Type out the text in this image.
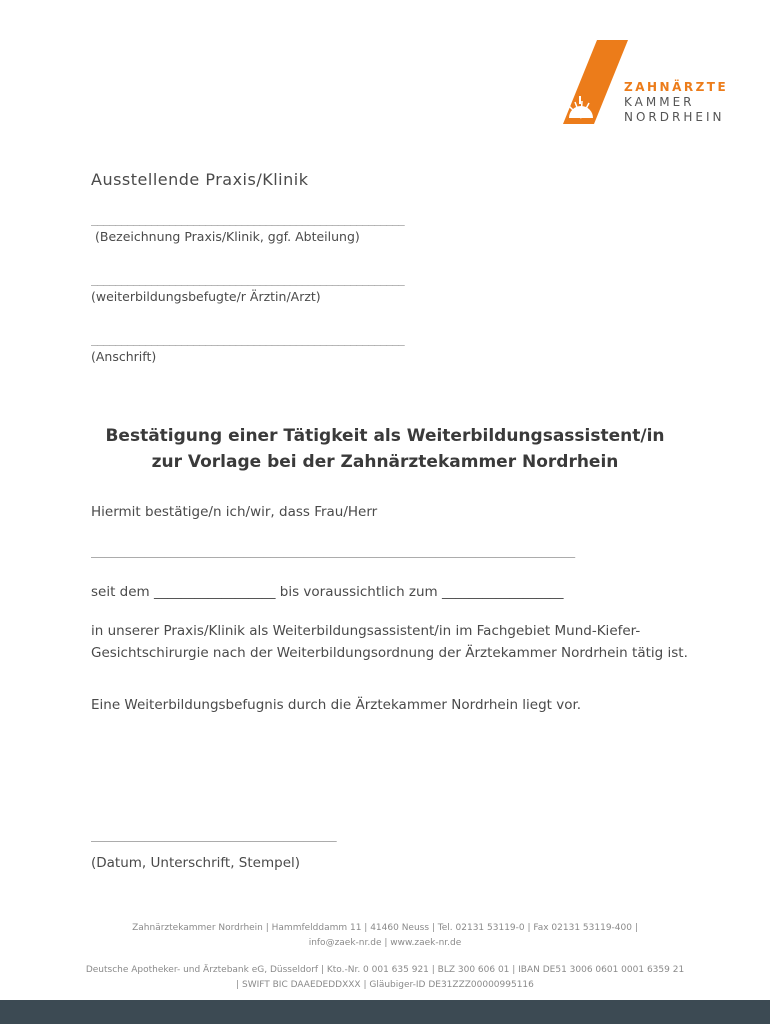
ZAHNÄRZTE
KAMMER
NORDRHEIN
Ausstellende Praxis/Klinik
____________________________________________________
(Bezeichnung Praxis/Klinik, ggf. Abteilung)
____________________________________________________
(weiterbildungsbefugte/r Ärztin/Arzt)
____________________________________________________
(Anschrift)
Bestätigung einer Tätigkeit als Weiterbildungsassistent/in
zur Vorlage bei der Zahnärztekammer Nordrhein
Hiermit bestätige/n ich/wir, dass Frau/Herr
_________________________________________________________________________
seit dem __________________ bis voraussichtlich zum __________________
in unserer Praxis/Klinik als Weiterbildungsassistent/in im Fachgebiet Mund-Kiefer-Gesichtschirurgie nach der Weiterbildungsordnung der Ärztekammer Nordrhein tätig ist.
Eine Weiterbildungsbefugnis durch die Ärztekammer Nordrhein liegt vor.
_____________________________________
(Datum, Unterschrift, Stempel)
Zahnärztekammer Nordrhein | Hammfelddamm 11 | 41460 Neuss | Tel. 02131 53119-0 | Fax 02131 53119-400 |
info@zaek-nr.de | www.zaek-nr.de
Deutsche Apotheker- und Ärztebank eG, Düsseldorf | Kto.-Nr. 0 001 635 921 | BLZ 300 606 01 | IBAN DE51 3006 0601 0001 6359 21
| SWIFT BIC DAAEDEDDXXX | Gläubiger-ID DE31ZZZ00000995116
